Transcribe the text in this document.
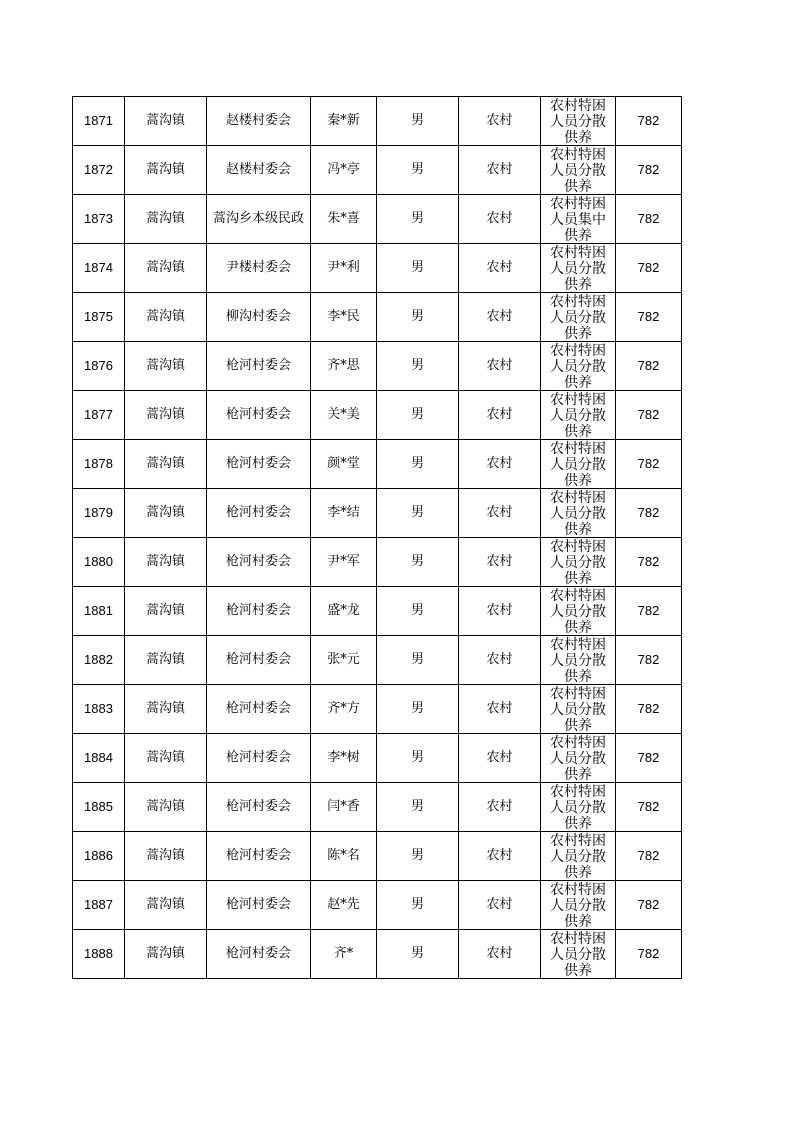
1871	蒿沟镇	赵楼村委会	秦*新	男	农村	农村特困人员分散供养	782
1872	蒿沟镇	赵楼村委会	冯*亭	男	农村	农村特困人员分散供养	782
1873	蒿沟镇	蒿沟乡本级民政	朱*喜	男	农村	农村特困人员集中供养	782
1874	蒿沟镇	尹楼村委会	尹*利	男	农村	农村特困人员分散供养	782
1875	蒿沟镇	柳沟村委会	李*民	男	农村	农村特困人员分散供养	782
1876	蒿沟镇	枪河村委会	齐*思	男	农村	农村特困人员分散供养	782
1877	蒿沟镇	枪河村委会	关*美	男	农村	农村特困人员分散供养	782
1878	蒿沟镇	枪河村委会	颜*堂	男	农村	农村特困人员分散供养	782
1879	蒿沟镇	枪河村委会	李*结	男	农村	农村特困人员分散供养	782
1880	蒿沟镇	枪河村委会	尹*军	男	农村	农村特困人员分散供养	782
1881	蒿沟镇	枪河村委会	盛*龙	男	农村	农村特困人员分散供养	782
1882	蒿沟镇	枪河村委会	张*元	男	农村	农村特困人员分散供养	782
1883	蒿沟镇	枪河村委会	齐*方	男	农村	农村特困人员分散供养	782
1884	蒿沟镇	枪河村委会	李*树	男	农村	农村特困人员分散供养	782
1885	蒿沟镇	枪河村委会	闫*香	男	农村	农村特困人员分散供养	782
1886	蒿沟镇	枪河村委会	陈*名	男	农村	农村特困人员分散供养	782
1887	蒿沟镇	枪河村委会	赵*先	男	农村	农村特困人员分散供养	782
1888	蒿沟镇	枪河村委会	齐*	男	农村	农村特困人员分散供养	782
